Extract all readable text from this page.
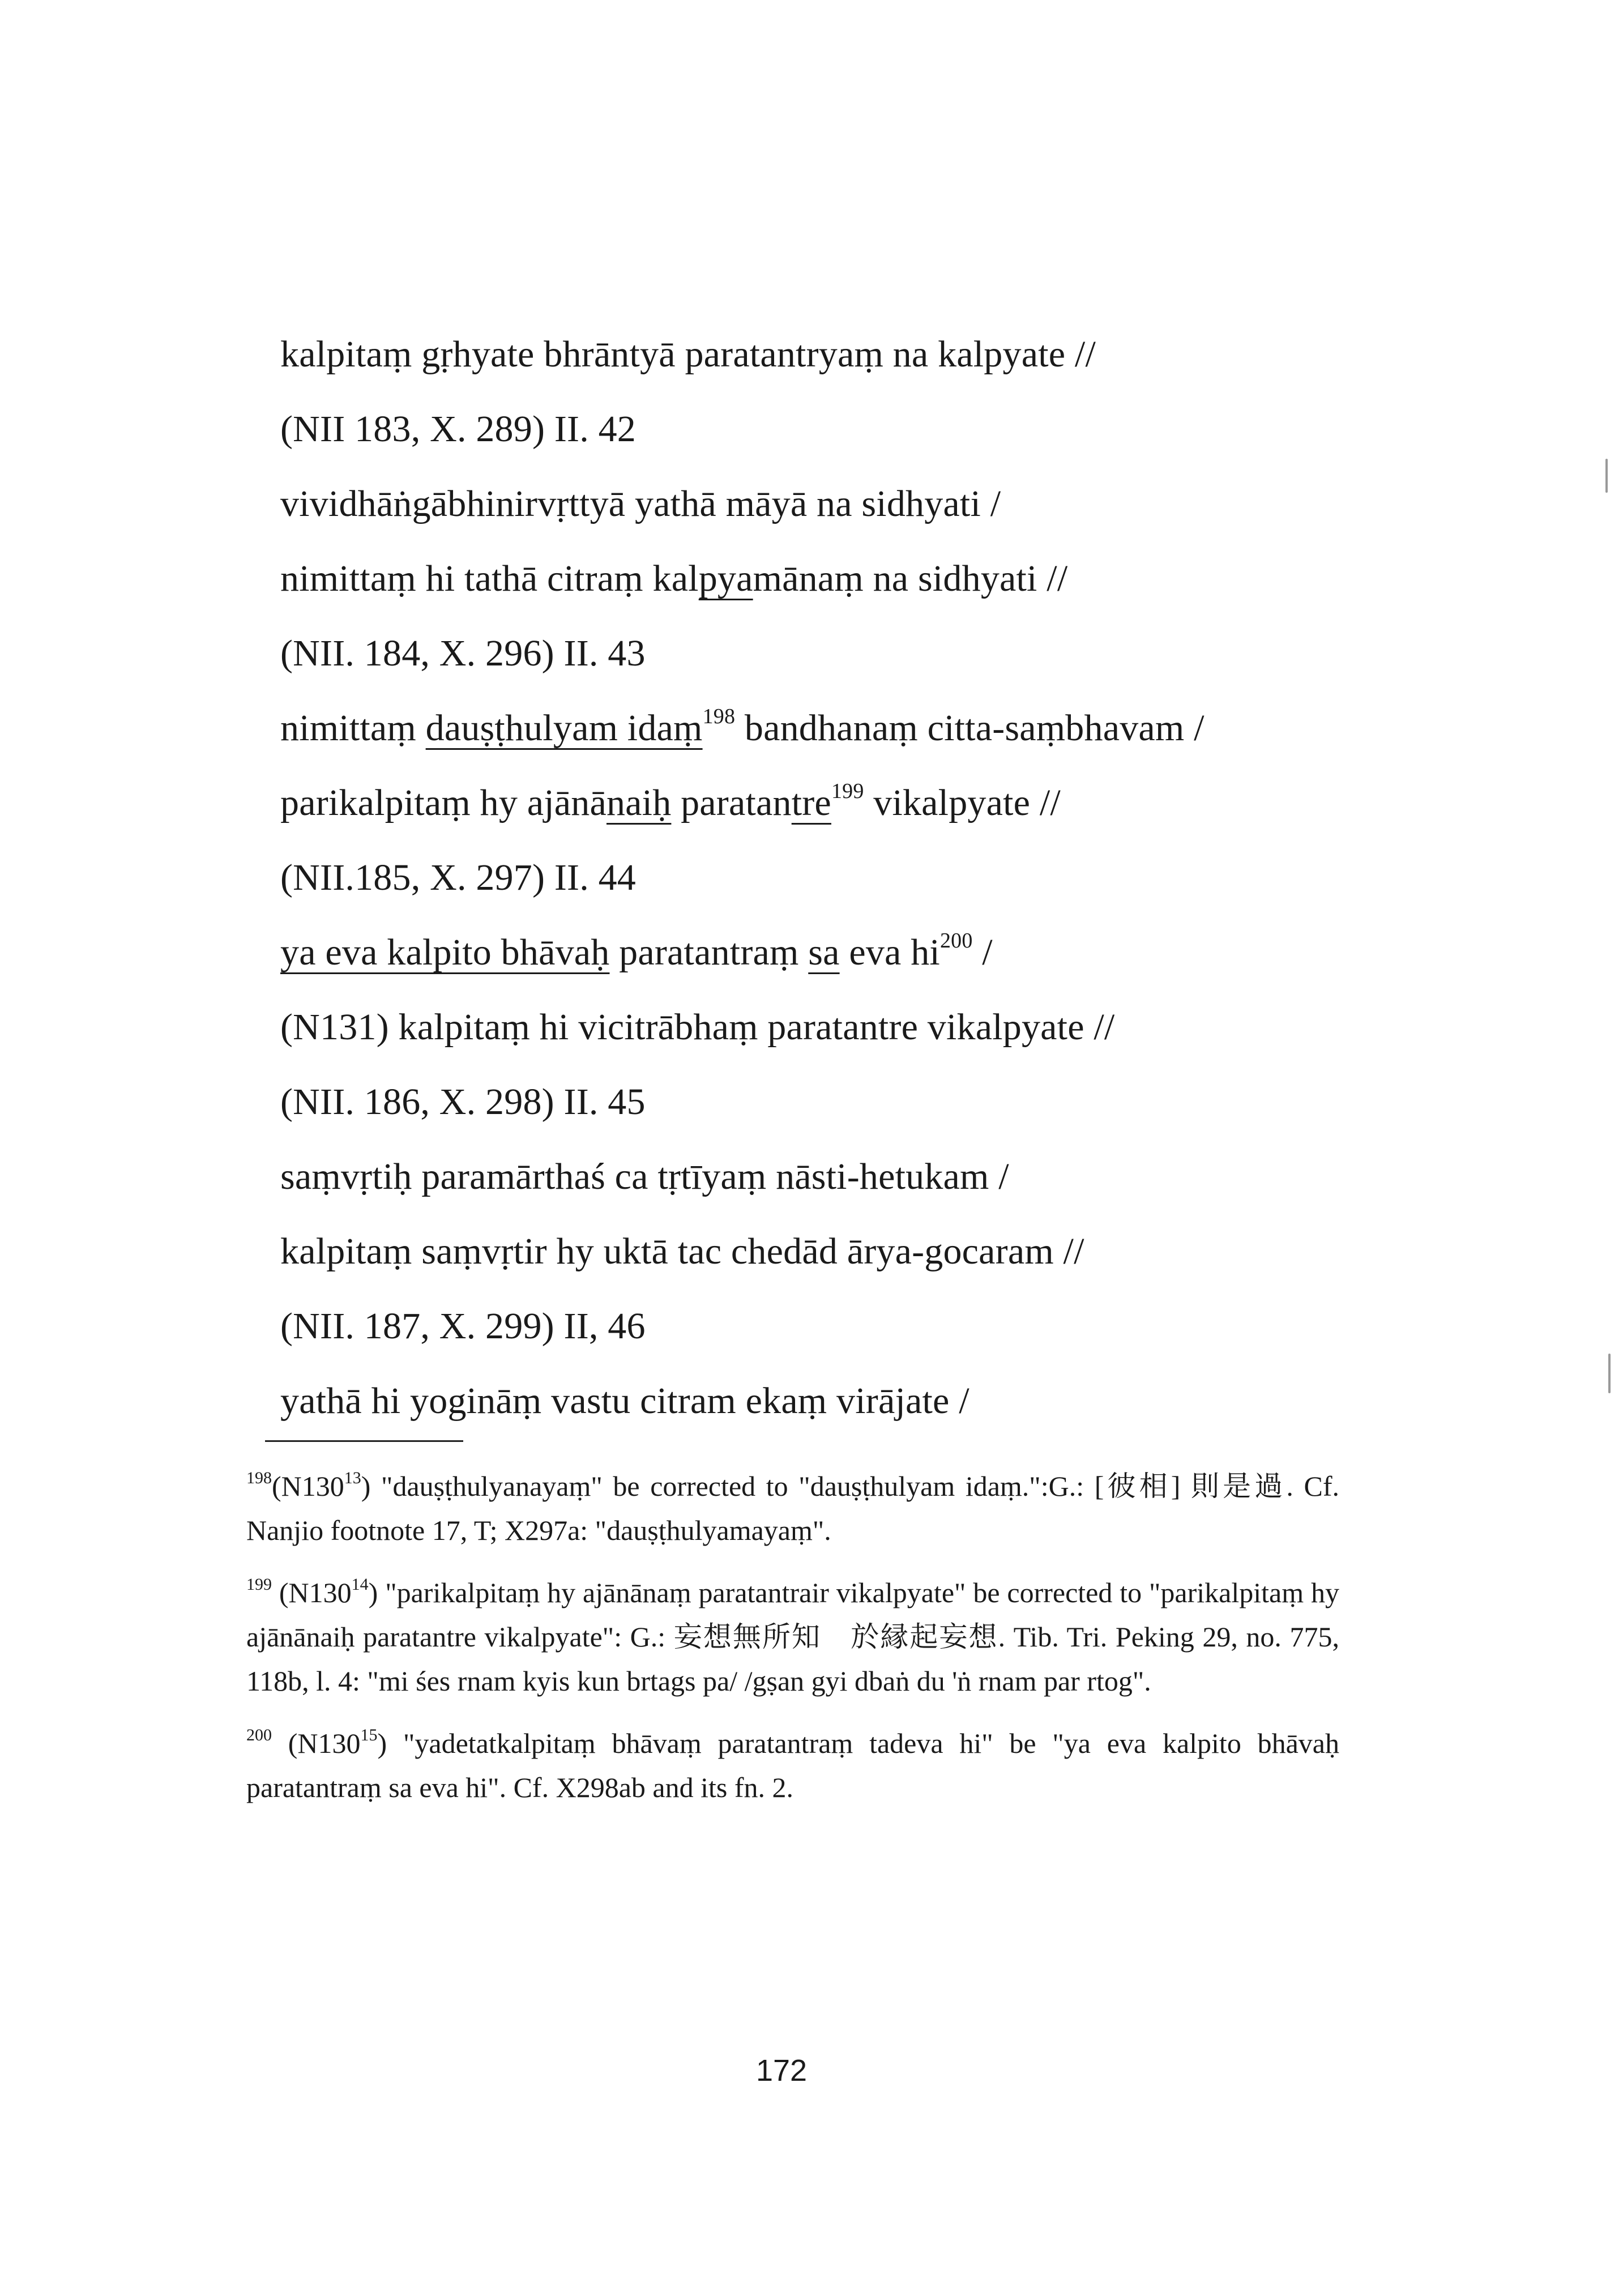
kalpitaṃ gṛhyate bhrāntyā paratantryaṃ na kalpyate //
(NII 183, X. 289) II. 42
vividhāṅgābhinirvṛttyā yathā māyā na sidhyati /
nimittaṃ hi tathā citraṃ kalpyamānaṃ na sidhyati //
(NII. 184, X. 296) II. 43
nimittaṃ dauṣṭhulyam idaṃ$^{198}$ bandhanaṃ citta-saṃbhavam /
parikalpitaṃ hy ajānānaiḥ paratantre$^{199}$ vikalpyate //
(NII.185, X. 297) II. 44
ya eva kalpito bhāvaḥ paratantraṃ sa eva hi$^{200}$ /
(N131) kalpitaṃ hi vicitrābhaṃ paratantre vikalpyate //
(NII. 186, X. 298) II. 45
saṃvṛtiḥ paramārthaś ca tṛtīyaṃ nāsti-hetukam /
kalpitaṃ saṃvṛtir hy uktā tac chedād ārya-gocaram //
(NII. 187, X. 299) II, 46
yathā hi yogināṃ vastu citram ekaṃ virājate /
$^{198}(N130^{13})$ "dauṣṭhulyanayaṃ" be corrected to "dauṣṭhulyam idaṃ.":G.: [彼相] 則是過. Cf. Nanjio footnote 17, T; X297a: "dauṣṭhulyamayaṃ".
$^{199}$ $(N130^{14})$ "parikalpitaṃ hy ajānānaṃ paratantrair vikalpyate" be corrected to "parikalpitaṃ hy ajānānaiḥ paratantre vikalpyate": G.: 妄想無所知　於縁起妄想. Tib. Tri. Peking 29, no. 775, 118b, l. 4: "mi śes rnam kyis kun brtags pa/ /gṣan gyi dbaṅ du 'ṅ rnam par rtog".
$^{200}$ $(N130^{15})$ "yadetatkalpitaṃ bhāvaṃ paratantraṃ tadeva hi" be "ya eva kalpito bhāvaḥ paratantraṃ sa eva hi". Cf. X298ab and its fn. 2.
172
